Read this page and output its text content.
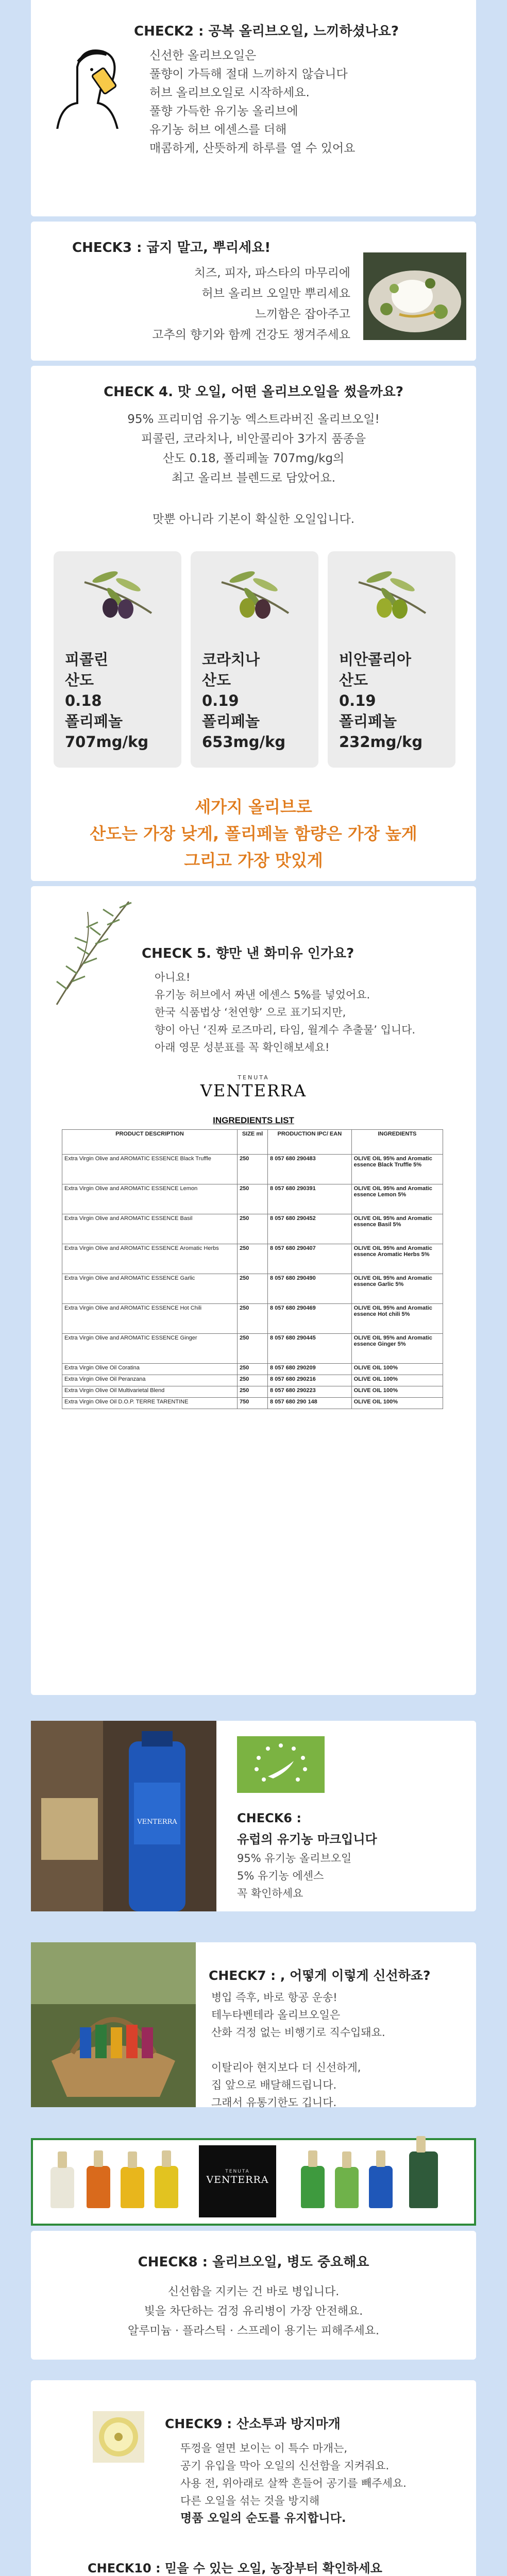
CHECK2 : 공복 올리브오일, 느끼하셨나요?
신선한 올리브오일은
풀향이 가득해 절대 느끼하지 않습니다
허브 올리브오일로 시작하세요.
풀향 가득한 유기농 올리브에
유기농 허브 에센스를 더해
매콤하게, 산뜻하게 하루를 열 수 있어요
CHECK3 : 굽지 말고, 뿌리세요!
치즈, 피자, 파스타의 마무리에
허브 올리브 오일만 뿌리세요
느끼함은 잡아주고
고추의 향기와 함께 건강도 챙겨주세요
CHECK 4. 맛 오일, 어떤 올리브오일을 썼을까요?
95% 프리미엄 유기농 엑스트라버진 올리브오일!
피콜린, 코라치나, 비안콜리아 3가지 품종을
산도 0.18, 폴리페놀 707mg/kg의
최고 올리브 블렌드로 담았어요.
맛뿐 아니라 기본이 확실한 오일입니다.
피콜린
산도
0.18
폴리페놀
707mg/kg
코라치나
산도
0.19
폴리페놀
653mg/kg
비안콜리아
산도
0.19
폴리페놀
232mg/kg
세가지 올리브로
산도는 가장 낮게, 폴리페놀 함량은 가장 높게
그리고 가장 맛있게
CHECK 5. 향만 낸 화미유 인가요?
아니요!
유기농 허브에서 짜낸 에센스 5%를 넣었어요.
한국 식품법상 ‘천연향’ 으로 표기되지만,
향이 아닌 ‘진짜 로즈마리, 타임, 월계수 추출물’ 입니다.
아래 영문 성분표를 꼭 확인해보세요!
TENUTA
VENTERRA
INGREDIENTS LIST
PRODUCT DESCRIPTION	SIZE ml	PRODUCTION IPC/ EAN	INGREDIENTS
Extra Virgin Olive and AROMATIC ESSENCE Black Truffle	250	8 057 680 290483	OLIVE OIL 95% and Aromatic essence Black Truffle 5%
Extra Virgin Olive and AROMATIC ESSENCE Lemon	250	8 057 680 290391	OLIVE OIL 95% and Aromatic essence Lemon 5%
Extra Virgin Olive and AROMATIC ESSENCE Basil	250	8 057 680 290452	OLIVE OIL 95% and Aromatic essence Basil 5%
Extra Virgin Olive and AROMATIC ESSENCE Aromatic Herbs	250	8 057 680 290407	OLIVE OIL 95% and Aromatic essence Aromatic Herbs 5%
Extra Virgin Olive and AROMATIC ESSENCE Garlic	250	8 057 680 290490	OLIVE OIL 95% and Aromatic essence Garlic 5%
Extra Virgin Olive and AROMATIC ESSENCE Hot Chili	250	8 057 680 290469	OLIVE OIL 95% and Aromatic essence Hot chili 5%
Extra Virgin Olive and AROMATIC ESSENCE Ginger	250	8 057 680 290445	OLIVE OIL 95% and Aromatic essence Ginger 5%
Extra Virgin Olive Oil Coratina	250	8 057 680 290209	OLIVE OIL 100%
Extra Virgin Olive Oil Peranzana	250	8 057 680 290216	OLIVE OIL 100%
Extra Virgin Olive Oil Multivarietal Blend	250	8 057 680 290223	OLIVE OIL 100%
Extra Virgin Olive Oil D.O.P. TERRE TARENTINE	750	8 057 680 290 148	OLIVE OIL 100%
VENTERRA	CHECK6 :
유럽의 유기농 마크입니다
95% 유기농 올리브오일
5% 유기농 에센스
꼭 확인하세요
CHECK7 : , 어떻게 이렇게 신선하죠?
병입 즉후, 바로 항공 운송!
테누타벤테라 올리브오일은
산화 걱정 없는 비행기로 직수입돼요.
이탈리아 현지보다 더 신선하게,
집 앞으로 배달해드립니다.
그래서 유통기한도 깁니다.
TENUTA
VENTERRA
CHECK8 : 올리브오일, 병도 중요해요
신선함을 지키는 건 바로 병입니다.
빛을 차단하는 검정 유리병이 가장 안전해요.
알루미늄 · 플라스틱 · 스프레이 용기는 피해주세요.
CHECK9 : 산소투과 방지마개
뚜껑을 열면 보이는 이 특수 마개는,
공기 유입을 막아 오일의 신선함을 지켜줘요.
사용 전, 위아래로 살짝 흔들어 공기를 빼주세요.
다른 오일을 섞는 것을 방지해
명품 오일의 순도를 유지합니다.
CHECK10 : 믿을 수 있는 오일, 농장부터 확인하세요
